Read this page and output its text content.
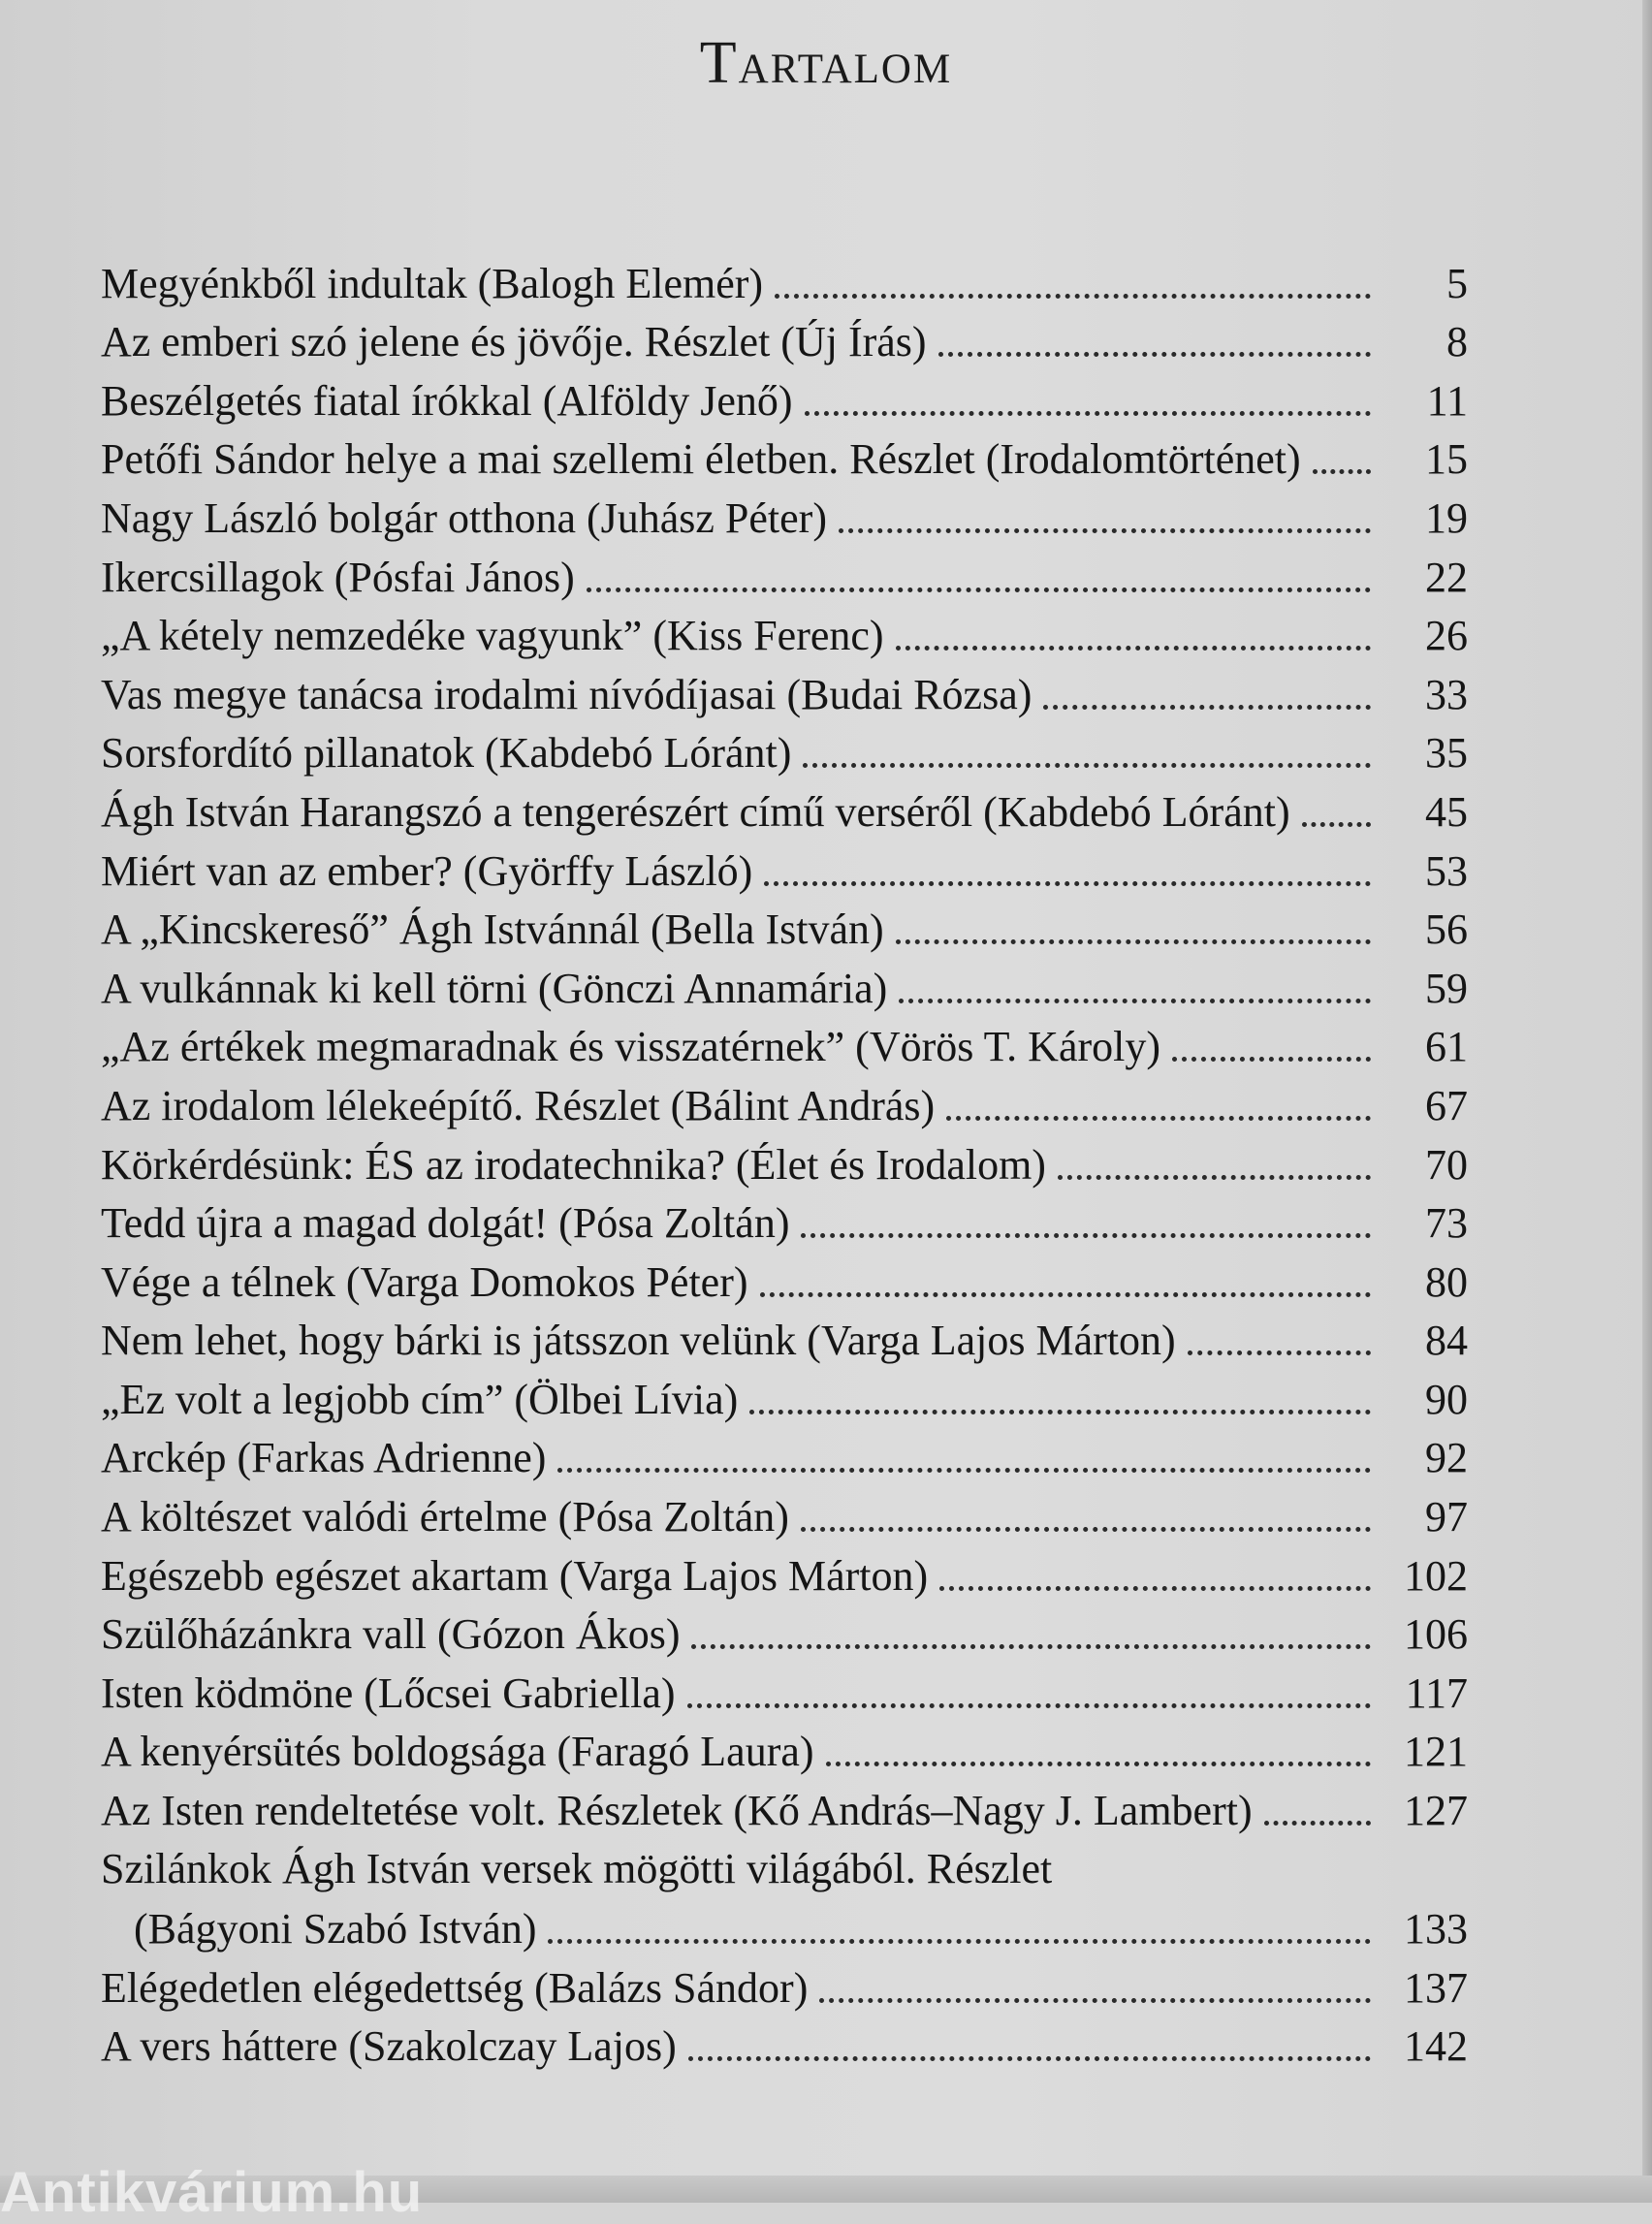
Tartalom
Megyénkből indultak (Balogh Elemér)	5
Az emberi szó jelene és jövője. Részlet (Új Írás)	8
Beszélgetés fiatal írókkal (Alföldy Jenő)	11
Petőfi Sándor helye a mai szellemi életben. Részlet (Irodalomtörténet)	15
Nagy László bolgár otthona (Juhász Péter)	19
Ikercsillagok (Pósfai János)	22
„A kétely nemzedéke vagyunk” (Kiss Ferenc)	26
Vas megye tanácsa irodalmi nívódíjasai (Budai Rózsa)	33
Sorsfordító pillanatok (Kabdebó Lóránt)	35
Ágh István Harangszó a tengerészért című verséről (Kabdebó Lóránt)	45
Miért van az ember? (Györffy László)	53
A „Kincskereső” Ágh Istvánnál (Bella István)	56
A vulkánnak ki kell törni (Gönczi Annamária)	59
„Az értékek megmaradnak és visszatérnek” (Vörös T. Károly)	61
Az irodalom lélekeépítő. Részlet (Bálint András)	67
Körkérdésünk: ÉS az irodatechnika? (Élet és Irodalom)	70
Tedd újra a magad dolgát! (Pósa Zoltán)	73
Vége a télnek (Varga Domokos Péter)	80
Nem lehet, hogy bárki is játsszon velünk (Varga Lajos Márton)	84
„Ez volt a legjobb cím” (Ölbei Lívia)	90
Arckép (Farkas Adrienne)	92
A költészet valódi értelme (Pósa Zoltán)	97
Egészebb egészet akartam (Varga Lajos Márton)	102
Szülőházánkra vall (Gózon Ákos)	106
Isten ködmöne (Lőcsei Gabriella)	117
A kenyérsütés boldogsága (Faragó Laura)	121
Az Isten rendeltetése volt. Részletek (Kő András–Nagy J. Lambert)	127
Szilánkok Ágh István versek mögötti világából. Részlet
(Bágyoni Szabó István)	133
Elégedetlen elégedettség (Balázs Sándor)	137
A vers háttere (Szakolczay Lajos)	142
Antikvárium.hu
